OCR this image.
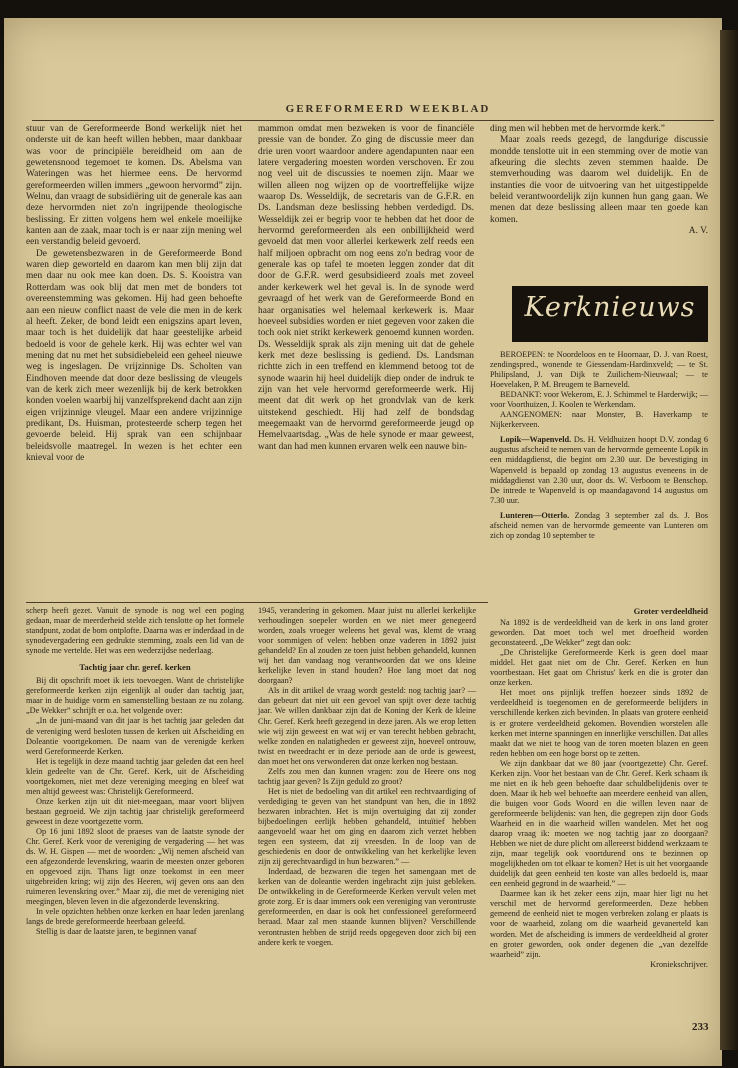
GEREFORMEERD WEEKBLAD

stuur van de Gereformeerde Bond werkelijk niet het onderste uit de kan heeft willen hebben, maar dankbaar was voor de principiële bereidheid om aan de gewetensnood tegemoet te komen. Ds. Abelsma van Wateringen was het hiermee eens. De hervormd gereformeerden willen immers „gewoon hervormd” zijn. Welnu, dan vraagt de subsidiëring uit de generale kas aan deze hervormden niet zo'n ingrijpende theologische beslissing. Er zitten volgens hem wel enkele moeilijke kanten aan de zaak, maar toch is er naar zijn mening wel een verstandig beleid gevoerd.

De gewetensbezwaren in de Gereformeerde Bond waren diep geworteld en daarom kan men blij zijn dat men daar nu ook mee kan doen. Ds. S. Kooistra van Rotterdam was ook blij dat men met de bonders tot overeenstemming was gekomen. Hij had geen behoefte aan een nieuw conflict naast de vele die men in de kerk al heeft. Zeker, de bond leidt een enigszins apart leven, maar toch is het duidelijk dat haar geestelijke arbeid bedoeld is voor de gehele kerk. Hij was echter wel van mening dat nu met het subsidiebeleid een geheel nieuwe weg is ingeslagen. De vrijzinnige Ds. Scholten van Eindhoven meende dat door deze beslissing de vleugels van de kerk zich meer wezenlijk bij de kerk betrokken konden voelen waarbij hij vanzelfsprekend dacht aan zijn eigen vrijzinnige vleugel. Maar een andere vrijzinnige predikant, Ds. Huisman, protesteerde scherp tegen het gevoerde beleid. Hij sprak van een schijnbaar beleidsvolle maatregel. In wezen is het echter een knieval voor de

mammon omdat men bezweken is voor de financiële pressie van de bonder. Zo ging de discussie meer dan drie uren voort waardoor andere agendapunten naar een latere vergadering moesten worden verschoven. Er zou nog veel uit de discussies te noemen zijn. Maar we willen alleen nog wijzen op de voortreffelijke wijze waarop Ds. Wesseldijk, de secretaris van de G.F.R. en Ds. Landsman deze beslissing hebben verdedigd. Ds. Wesseldijk zei er begrip voor te hebben dat het door de hervormd gereformeerden als een onbillijkheid werd gevoeld dat men voor allerlei kerkewerk zelf reeds een half miljoen opbracht om nog eens zo'n bedrag voor de generale kas op tafel te moeten leggen zonder dat dit door de G.F.R. werd gesubsidieerd zoals met zoveel ander kerkewerk wel het geval is. In de synode werd gevraagd of het werk van de Gereformeerde Bond en haar organisaties wel helemaal kerkewerk is. Maar hoeveel subsidies worden er niet gegeven voor zaken die toch ook niet strikt kerkewerk genoemd kunnen worden. Ds. Wesseldijk sprak als zijn mening uit dat de gehele kerk met deze beslissing is gediend. Ds. Landsman richtte zich in een treffend en klemmend betoog tot de synode waarin hij heel duidelijk diep onder de indruk te zijn van het vele hervormd gereformeerde werk. Hij meent dat dit werk op het grondvlak van de kerk uitstekend geschiedt. Hij had zelf de bondsdag meegemaakt van de hervormd gereformeerde jeugd op Hemelvaartsdag. „Was de hele synode er maar geweest, want dan had men kunnen ervaren welk een nauwe bin-

ding men wil hebben met de hervormde kerk.”

Maar zoals reeds gezegd, de langdurige discussie mondde tenslotte uit in een stemming over de motie van afkeuring die slechts zeven stemmen haalde. De stemverhouding was daarom wel duidelijk. En de instanties die voor de uitvoering van het uitgestippelde beleid verantwoordelijk zijn kunnen hun gang gaan. We menen dat deze beslissing alleen maar ten goede kan komen.

A. V.

Kerknieuws

BEROEPEN: te Noordeloos en te Hoornaar, D. J. van Roest, zendingspred., wonende te Giessendam-Hardinxveld; — te St. Philipsland, J. van Dijk te Zuilichem-Nieuwaal; — te Hoevelaken, P. M. Breugem te Barneveld.

BEDANKT: voor Wekerom, E. J. Schimmel te Harderwijk; — voor Voorthuizen, J. Koolen te Werkendam.

AANGENOMEN: naar Monster, B. Haverkamp te Nijkerkerveen.

Lopik—Wapenveld. Ds. H. Veldhuizen hoopt D.V. zondag 6 augustus afscheid te nemen van de hervormde gemeente Lopik in een middagdienst, die begint om 2.30 uur. De bevestiging in Wapenveld is bepaald op zondag 13 augustus eveneens in de middagdienst van 2.30 uur, door ds. W. Verboom te Benschop. De intrede te Wapenveld is op maandagavond 14 augustus om 7.30 uur.

Lunteren—Otterlo. Zondag 3 september zal ds. J. Bos afscheid nemen van de hervormde gemeente van Lunteren om zich op zondag 10 september te

scherp heeft gezet. Vanuit de synode is nog wel een poging gedaan, maar de meerderheid stelde zich tenslotte op het formele standpunt, zodat de bom ontplofte. Daarna was er inderdaad in de synodevergadering een gedrukte stemming, zoals een lid van de synode me vertelde. Het was een wederzijdse nederlaag.

Tachtig jaar chr. geref. kerken

Bij dit opschrift moet ik iets toevoegen. Want de christelijke gereformeerde kerken zijn eigenlijk al ouder dan tachtig jaar, maar in de huidige vorm en samenstelling bestaan ze nu zolang. „De Wekker” schrijft er o.a. het volgende over:

„In de juni-maand van dit jaar is het tachtig jaar geleden dat de vereniging werd besloten tussen de kerken uit Afscheiding en Doleantie voortgekomen. De naam van de verenigde kerken werd Gereformeerde Kerken.

Het is tegelijk in deze maand tachtig jaar geleden dat een heel klein gedeelte van de Chr. Geref. Kerk, uit de Afscheiding voortgekomen, niet met deze vereniging meeging en bleef wat men altijd geweest was: Christelijk Gereformeerd.

Onze kerken zijn uit dit niet-meegaan, maar voort blijven bestaan gegroeid. We zijn tachtig jaar christelijk gereformeerd geweest in deze voortgezette vorm.

Op 16 juni 1892 sloot de praeses van de laatste synode der Chr. Geref. Kerk voor de vereniging de vergadering — het was ds. W. H. Gispen — met de woorden: „Wij nemen afscheid van een afgezonderde levenskring, waarin de meesten onzer geboren en opgevoed zijn. Thans ligt onze toekomst in een meer uitgebreiden kring; wij zijn des Heeren, wij geven ons aan den ruimeren levenskring over.” Maar zij, die met de vereniging niet meegingen, bleven leven in die afgezonderde levenskring.

In vele opzichten hebben onze kerken en haar leden jarenlang langs de brede gereformeerde heerbaan geleefd.

Stellig is daar de laatste jaren, te beginnen vanaf

1945, verandering in gekomen. Maar juist nu allerlei kerkelijke verhoudingen soepeler worden en we niet meer genegeerd worden, zoals vroeger weleens het geval was, klemt de vraag voor sommigen of velen: hebben onze vaderen in 1892 juist gehandeld? En al zouden ze toen juist hebben gehandeld, kunnen wij het dan vandaag nog verantwoorden dat we ons kleine kerkelijke leven in stand houden? Hoe lang moet dat nog doorgaan?

Als in dit artikel de vraag wordt gesteld: nog tachtig jaar? — dan gebeurt dat niet uit een gevoel van spijt over deze tachtig jaar. We willen dankbaar zijn dat de Koning der Kerk de kleine Chr. Geref. Kerk heeft gezegend in deze jaren. Als we erop letten wie wij zijn geweest en wat wij er van terecht hebben gebracht, welke zonden en nalatigheden er geweest zijn, hoeveel ontrouw, twist en tweedracht er in deze periode aan de orde is geweest, dan moet het ons verwonderen dat onze kerken nog bestaan.

Zelfs zou men dan kunnen vragen: zou de Heere ons nog tachtig jaar geven? Is Zijn geduld zo groot?

Het is niet de bedoeling van dit artikel een rechtvaardiging of verdediging te geven van het standpunt van hen, die in 1892 bezwaren inbrachten. Het is mijn overtuiging dat zij zonder bijbedoelingen eerlijk hebben gehandeld, intuïtief hebben aangevoeld waar het om ging en daarom zich verzet hebben tegen een systeem, dat zij vreesden. In de loop van de geschiedenis en door de ontwikkeling van het kerkelijke leven zijn zij gerechtvaardigd in hun bezwaren.” —

Inderdaad, de bezwaren die tegen het samengaan met de kerken van de doleantie werden ingebracht zijn juist gebleken. De ontwikkeling in de Gereformeerde Kerken vervult velen met grote zorg. Er is daar immers ook een vereniging van verontruste gereformeerden, en daar is ook het confessioneel gereformeerd beraad. Maar zal men staande kunnen blijven? Verschillende verontrusten hebben de strijd reeds opgegeven door zich bij een andere kerk te voegen.

Groter verdeeldheid

Na 1892 is de verdeeldheid van de kerk in ons land groter geworden. Dat moet toch wel met droefheid worden geconstateerd. „De Wekker” zegt dan ook:

„De Christelijke Gereformeerde Kerk is geen doel maar middel. Het gaat niet om de Chr. Geref. Kerken en hun voortbestaan. Het gaat om Christus' kerk en die is groter dan onze kerken.

Het moet ons pijnlijk treffen hoezeer sinds 1892 de verdeeldheid is toegenomen en de gereformeerde belijders in verschillende kerken zich bevinden. In plaats van grotere eenheid is er grotere verdeeldheid gekomen. Bovendien worstelen alle kerken met interne spanningen en innerlijke verschillen. Dat alles maakt dat we niet te hoog van de toren moeten blazen en geen reden hebben om een hoge borst op te zetten.

We zijn dankbaar dat we 80 jaar (voortgezette) Chr. Geref. Kerken zijn. Voor het bestaan van de Chr. Geref. Kerk schaam ik me niet en ik heb geen behoefte daar schuldbelijdenis over te doen. Maar ik heb wel behoefte aan meerdere eenheid van allen, die buigen voor Gods Woord en die willen leven naar de gereformeerde belijdenis: van hen, die gegrepen zijn door Gods Waarheid en in die waarheid willen wandelen. Met het oog daarop vraag ik: moeten we nog tachtig jaar zo doorgaan? Hebben we niet de dure plicht om allereerst biddend werkzaam te zijn, maar tegelijk ook voortdurend ons te bezinnen op mogelijkheden om tot elkaar te komen? Het is uit het voorgaande duidelijk dat geen eenheid ten koste van alles bedoeld is, maar een eenheid gegrond in de waarheid.” —

Daarmee kan ik het zeker eens zijn, maar hier ligt nu het verschil met de hervormd gereformeerden. Deze hebben gemeend de eenheid niet te mogen verbreken zolang er plaats is voor de waarheid, zolang om die waarheid gevanerteld kan worden. Met de afscheiding is immers de verdeeldheid al groter en groter geworden, ook onder degenen die „van dezelfde waarheid” zijn.

Kroniekschrijver.

233
